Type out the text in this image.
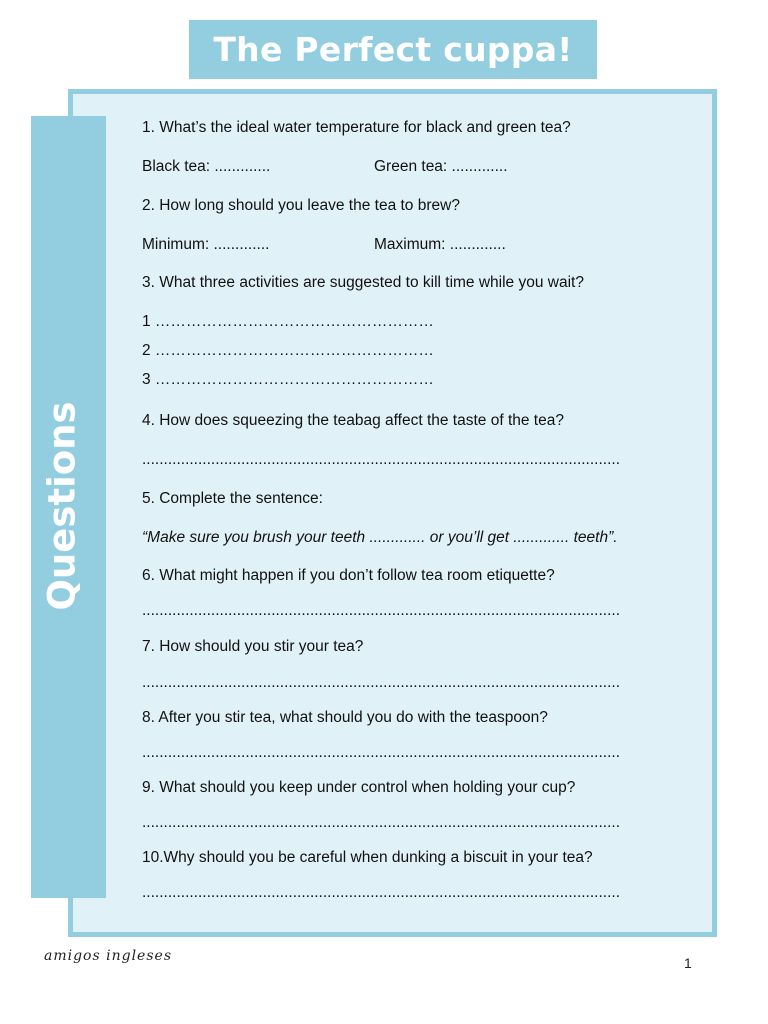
The Perfect cuppa!
Questions
1. What’s the ideal water temperature for black and green tea?
Black tea: .............	Green tea: .............
2. How long should you leave the tea to brew?
Minimum: .............	Maximum: .............
3. What three activities are suggested to kill time while you wait?
1 ………………………………………………
2 ………………………………………………
3 ………………………………………………
4. How does squeezing the teabag affect the taste of the tea?
...............................................................................................................
5. Complete the sentence:
“Make sure you brush your teeth ............. or you’ll get ............. teeth”.
6. What might happen if you don’t follow tea room etiquette?
...............................................................................................................
7. How should you stir your tea?
...............................................................................................................
8. After you stir tea, what should you do with the teaspoon?
...............................................................................................................
9. What should you keep under control when holding your cup?
...............................................................................................................
10.Why should you be careful when dunking a biscuit in your tea?
...............................................................................................................
amigos ingleses	1
